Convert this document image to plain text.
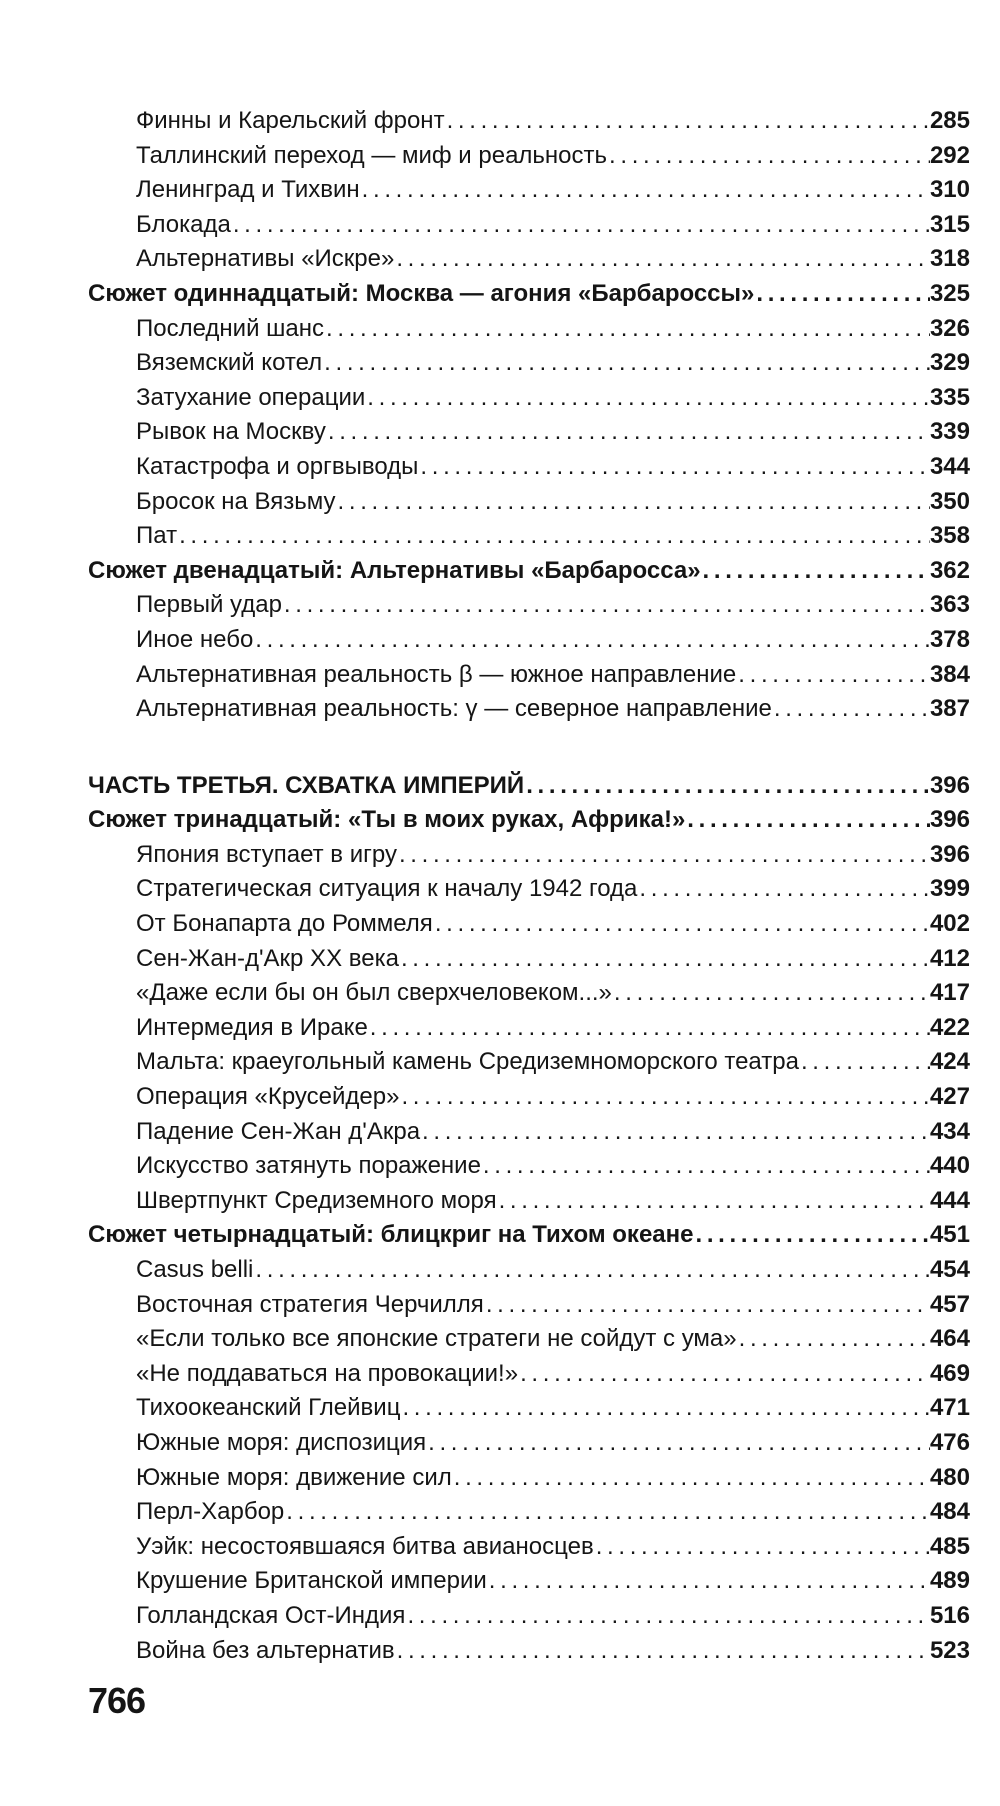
Финны и Карельский фронт . . .	285
Таллинский переход — миф и реальность . . .	292
Ленинград и Тихвин . . .	310
Блокада . . .	315
Альтернативы «Искре» . . .	318
Сюжет одиннадцатый: Москва — агония «Барбароссы» . . .	325
Последний шанс . . .	326
Вяземский котел . . .	329
Затухание операции . . .	335
Рывок на Москву . . .	339
Катастрофа и оргвыводы . . .	344
Бросок на Вязьму . . .	350
Пат . . .	358
Сюжет двенадцатый: Альтернативы «Барбаросса» . . .	362
Первый удар . . .	363
Иное небо . . .	378
Альтернативная реальность β — южное направление . . .	384
Альтернативная реальность: γ — северное направление . . .	387
ЧАСТЬ ТРЕТЬЯ. СХВАТКА ИМПЕРИЙ . . .	396
Сюжет тринадцатый: «Ты в моих руках, Африка!» . . .	396
Япония вступает в игру . . .	396
Стратегическая ситуация к началу 1942 года . . .	399
От Бонапарта до Роммеля . . .	402
Сен-Жан-д'Акр XX века . . .	412
«Даже если бы он был сверхчеловеком...» . . .	417
Интермедия в Ираке . . .	422
Мальта: краеугольный камень Средиземноморского театра . . .	424
Операция «Крусейдер» . . .	427
Падение Сен-Жан д'Акра . . .	434
Искусство затянуть поражение . . .	440
Швертпункт Средиземного моря . . .	444
Сюжет четырнадцатый: блицкриг на Тихом океане . . .	451
Casus belli . . .	454
Восточная стратегия Черчилля . . .	457
«Если только все японские стратеги не сойдут с ума» . . .	464
«Не поддаваться на провокации!» . . .	469
Тихоокеанский Глейвиц . . .	471
Южные моря: диспозиция . . .	476
Южные моря: движение сил . . .	480
Перл-Харбор . . .	484
Уэйк: несостоявшаяся битва авианосцев . . .	485
Крушение Британской империи . . .	489
Голландская Ост-Индия . . .	516
Война без альтернатив . . .	523
766
